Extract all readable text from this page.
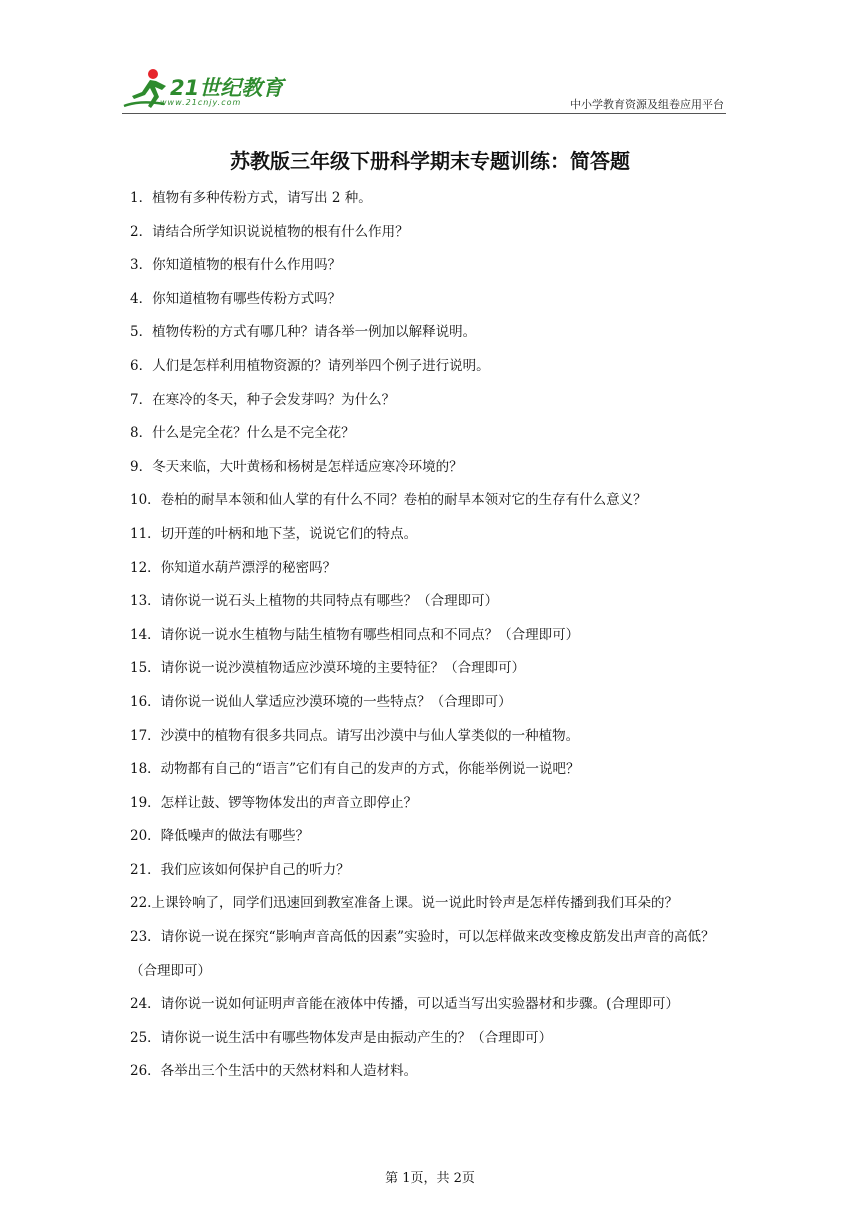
21世纪教育
www.21cnjy.com	中小学教育资源及组卷应用平台
苏教版三年级下册科学期末专题训练：简答题
1．植物有多种传粉方式，请写出 2 种。
2．请结合所学知识说说植物的根有什么作用？
3．你知道植物的根有什么作用吗？
4．你知道植物有哪些传粉方式吗？
5．植物传粉的方式有哪几种？请各举一例加以解释说明。
6．人们是怎样利用植物资源的？请列举四个例子进行说明。
7．在寒冷的冬天，种子会发芽吗？为什么？
8．什么是完全花？什么是不完全花？
9．冬天来临，大叶黄杨和杨树是怎样适应寒冷环境的？
10．卷柏的耐旱本领和仙人掌的有什么不同？卷柏的耐旱本领对它的生存有什么意义？
11．切开莲的叶柄和地下茎，说说它们的特点。
12．你知道水葫芦漂浮的秘密吗？
13．请你说一说石头上植物的共同特点有哪些？（合理即可）
14．请你说一说水生植物与陆生植物有哪些相同点和不同点？（合理即可）
15．请你说一说沙漠植物适应沙漠环境的主要特征？（合理即可）
16．请你说一说仙人掌适应沙漠环境的一些特点？（合理即可）
17．沙漠中的植物有很多共同点。请写出沙漠中与仙人掌类似的一种植物。
18．动物都有自己的“语言”它们有自己的发声的方式，你能举例说一说吧？
19．怎样让鼓、锣等物体发出的声音立即停止？
20．降低噪声的做法有哪些？
21．我们应该如何保护自己的听力？
22.上课铃响了，同学们迅速回到教室准备上课。说一说此时铃声是怎样传播到我们耳朵的？
23．请你说一说在探究“影响声音高低的因素”实验时，可以怎样做来改变橡皮筋发出声音的高低？（合理即可）
24．请你说一说如何证明声音能在液体中传播，可以适当写出实验器材和步骤。(合理即可）
25．请你说一说生活中有哪些物体发声是由振动产生的？（合理即可）
26．各举出三个生活中的天然材料和人造材料。
第 1页，共 2页
